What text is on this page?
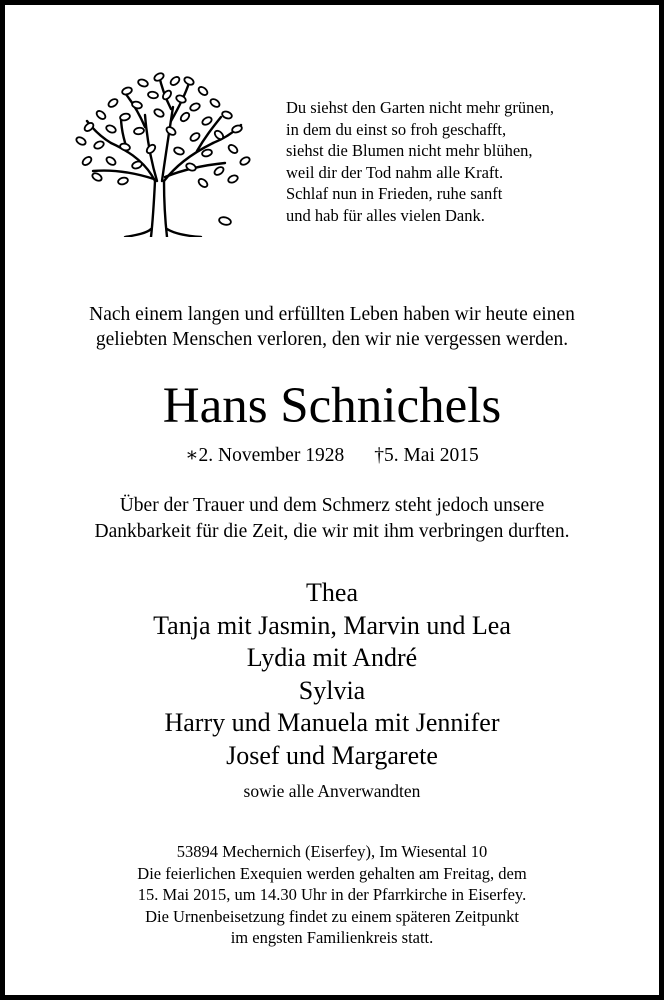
Du siehst den Garten nicht mehr grünen,
in dem du einst so froh geschafft,
siehst die Blumen nicht mehr blühen,
weil dir der Tod nahm alle Kraft.
Schlaf nun in Frieden, ruhe sanft
und hab für alles vielen Dank.
Nach einem langen und erfüllten Leben haben wir heute einen
geliebten Menschen verloren, den wir nie vergessen werden.
Hans Schnichels
∗2. November 1928 †5. Mai 2015
Über der Trauer und dem Schmerz steht jedoch unsere
Dankbarkeit für die Zeit, die wir mit ihm verbringen durften.
Thea
Tanja mit Jasmin, Marvin und Lea
Lydia mit André
Sylvia
Harry und Manuela mit Jennifer
Josef und Margarete
sowie alle Anverwandten
53894 Mechernich (Eiserfey), Im Wiesental 10
Die feierlichen Exequien werden gehalten am Freitag, dem
15. Mai 2015, um 14.30 Uhr in der Pfarrkirche in Eiserfey.
Die Urnenbeisetzung findet zu einem späteren Zeitpunkt
im engsten Familienkreis statt.
